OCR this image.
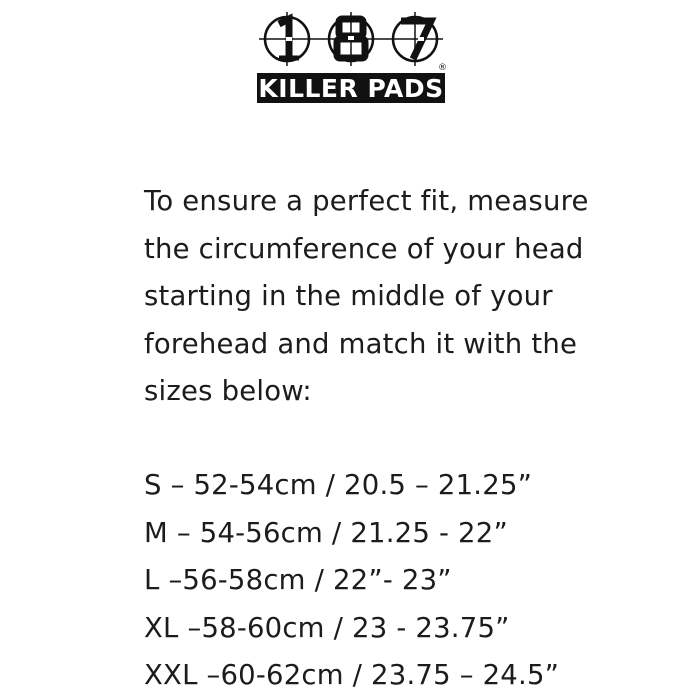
®
KILLER PADS
To ensure a perfect fit, measure
the circumference of your head
starting in the middle of your
forehead and match it with the
sizes below:
S – 52-54cm / 20.5 – 21.25”
M – 54-56cm / 21.25 - 22”
L –56-58cm / 22”- 23”
XL –58-60cm / 23 - 23.75”
XXL –60-62cm / 23.75 – 24.5”
